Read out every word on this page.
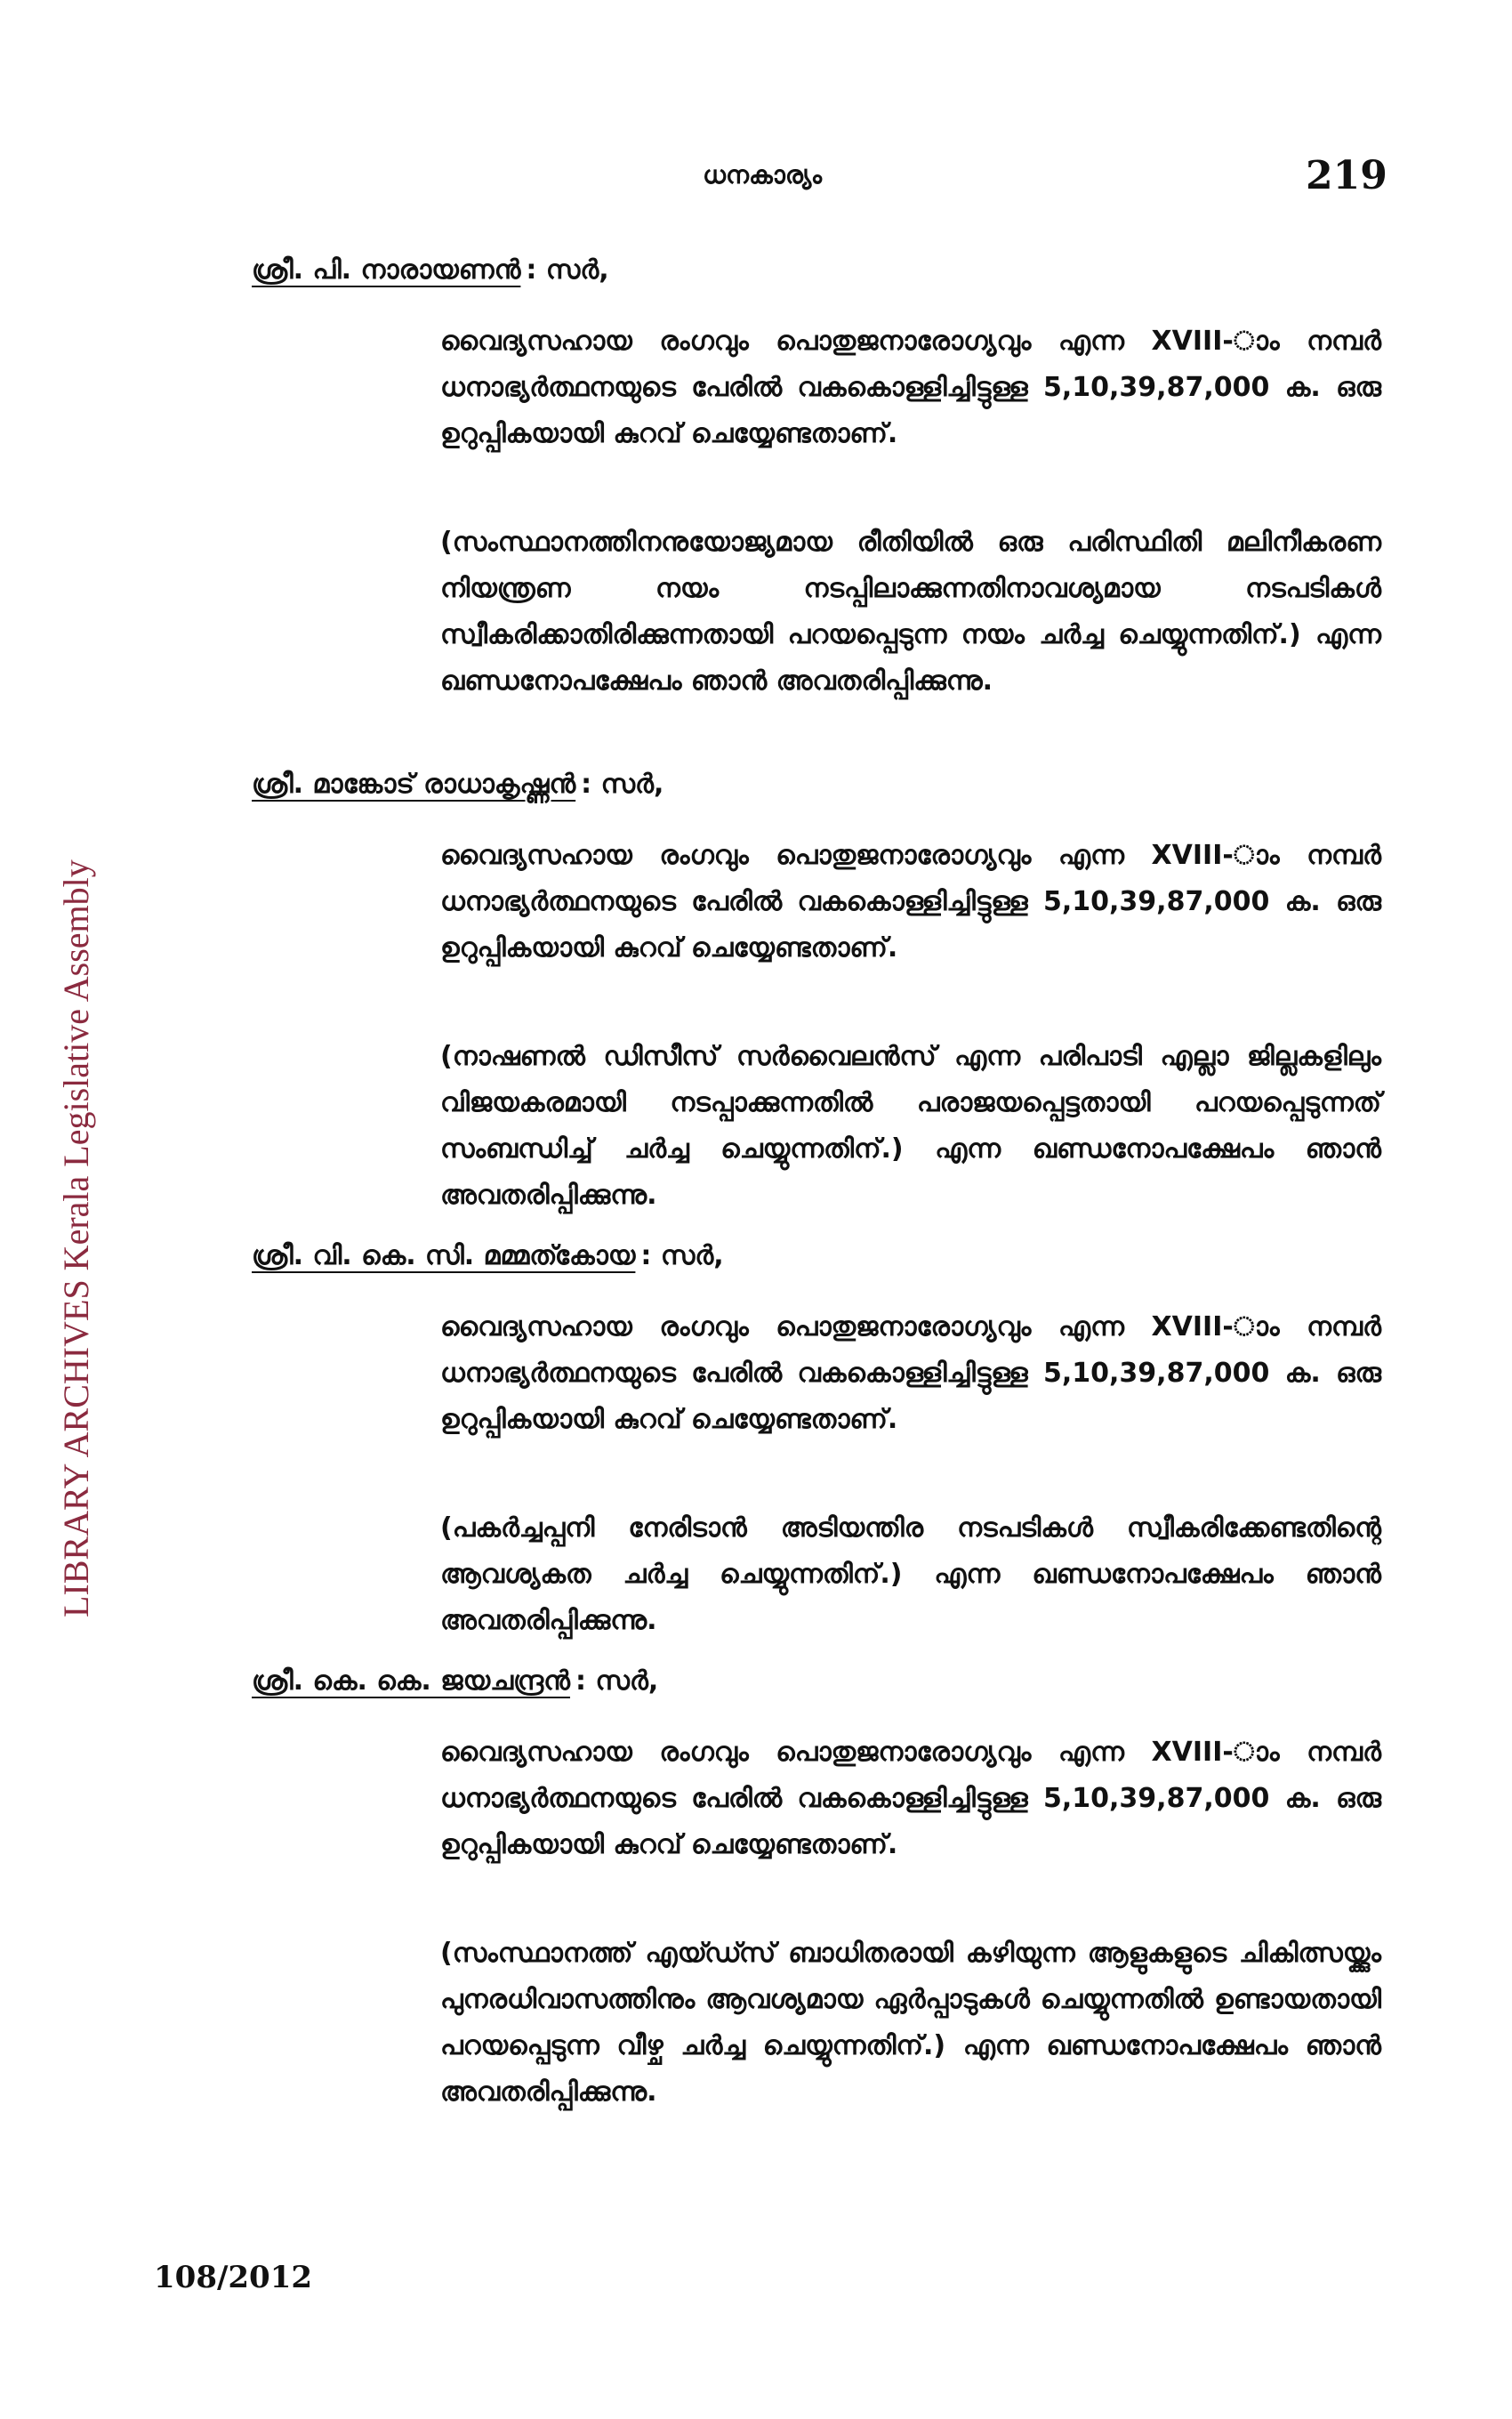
ധനകാര്യം	219
LIBRARY ARCHIVES Kerala Legislative Assembly
ശ്രീ. പി. നാരായണൻ : സർ,

വൈദ്യസഹായ രംഗവും പൊതുജനാരോഗ്യവും എന്ന XVIII-ാം നമ്പർ ധനാഭ്യർത്ഥനയുടെ പേരിൽ വകകൊള്ളിച്ചിട്ടുള്ള 5,10,39,87,000 ക. ഒരു ഉറുപ്പികയായി കുറവ് ചെയ്യേണ്ടതാണ്.

(സംസ്ഥാനത്തിനനുയോജ്യമായ രീതിയിൽ ഒരു പരിസ്ഥിതി മലിനീകരണ നിയന്ത്രണ നയം നടപ്പിലാക്കുന്നതിനാവശ്യമായ നടപടികൾ സ്വീകരിക്കാതിരിക്കുന്നതായി പറയപ്പെടുന്ന നയം ചർച്ച ചെയ്യുന്നതിന്.) എന്ന ഖണ്ഡനോപക്ഷേപം ഞാൻ അവതരിപ്പിക്കുന്നു.

ശ്രീ. മാങ്കോട് രാധാകൃഷ്ണൻ : സർ,

വൈദ്യസഹായ രംഗവും പൊതുജനാരോഗ്യവും എന്ന XVIII-ാം നമ്പർ ധനാഭ്യർത്ഥനയുടെ പേരിൽ വകകൊള്ളിച്ചിട്ടുള്ള 5,10,39,87,000 ക. ഒരു ഉറുപ്പികയായി കുറവ് ചെയ്യേണ്ടതാണ്.

(നാഷണൽ ഡിസീസ് സർവൈലൻസ് എന്ന പരിപാടി എല്ലാ ജില്ലകളിലും വിജയകരമായി നടപ്പാക്കുന്നതിൽ പരാജയപ്പെട്ടതായി പറയപ്പെടുന്നത് സംബന്ധിച്ച് ചർച്ച ചെയ്യുന്നതിന്.) എന്ന ഖണ്ഡനോപക്ഷേപം ഞാൻ അവതരിപ്പിക്കുന്നു.

ശ്രീ. വി. കെ. സി. മമ്മത്കോയ : സർ,

വൈദ്യസഹായ രംഗവും പൊതുജനാരോഗ്യവും എന്ന XVIII-ാം നമ്പർ ധനാഭ്യർത്ഥനയുടെ പേരിൽ വകകൊള്ളിച്ചിട്ടുള്ള 5,10,39,87,000 ക. ഒരു ഉറുപ്പികയായി കുറവ് ചെയ്യേണ്ടതാണ്.

(പകർച്ചപ്പനി നേരിടാൻ അടിയന്തിര നടപടികൾ സ്വീകരിക്കേണ്ടതിന്റെ ആവശ്യകത ചർച്ച ചെയ്യുന്നതിന്.) എന്ന ഖണ്ഡനോപക്ഷേപം ഞാൻ അവതരിപ്പിക്കുന്നു.

ശ്രീ. കെ. കെ. ജയചന്ദ്രൻ : സർ,

വൈദ്യസഹായ രംഗവും പൊതുജനാരോഗ്യവും എന്ന XVIII-ാം നമ്പർ ധനാഭ്യർത്ഥനയുടെ പേരിൽ വകകൊള്ളിച്ചിട്ടുള്ള 5,10,39,87,000 ക. ഒരു ഉറുപ്പികയായി കുറവ് ചെയ്യേണ്ടതാണ്.

(സംസ്ഥാനത്ത് എയ്ഡ്സ് ബാധിതരായി കഴിയുന്ന ആളുകളുടെ ചികിത്സയ്ക്കും പുനരധിവാസത്തിനും ആവശ്യമായ ഏർപ്പാടുകൾ ചെയ്യുന്നതിൽ ഉണ്ടായതായി പറയപ്പെടുന്ന വീഴ്ച ചർച്ച ചെയ്യുന്നതിന്.) എന്ന ഖണ്ഡനോപക്ഷേപം ഞാൻ അവതരിപ്പിക്കുന്നു.

108/2012
